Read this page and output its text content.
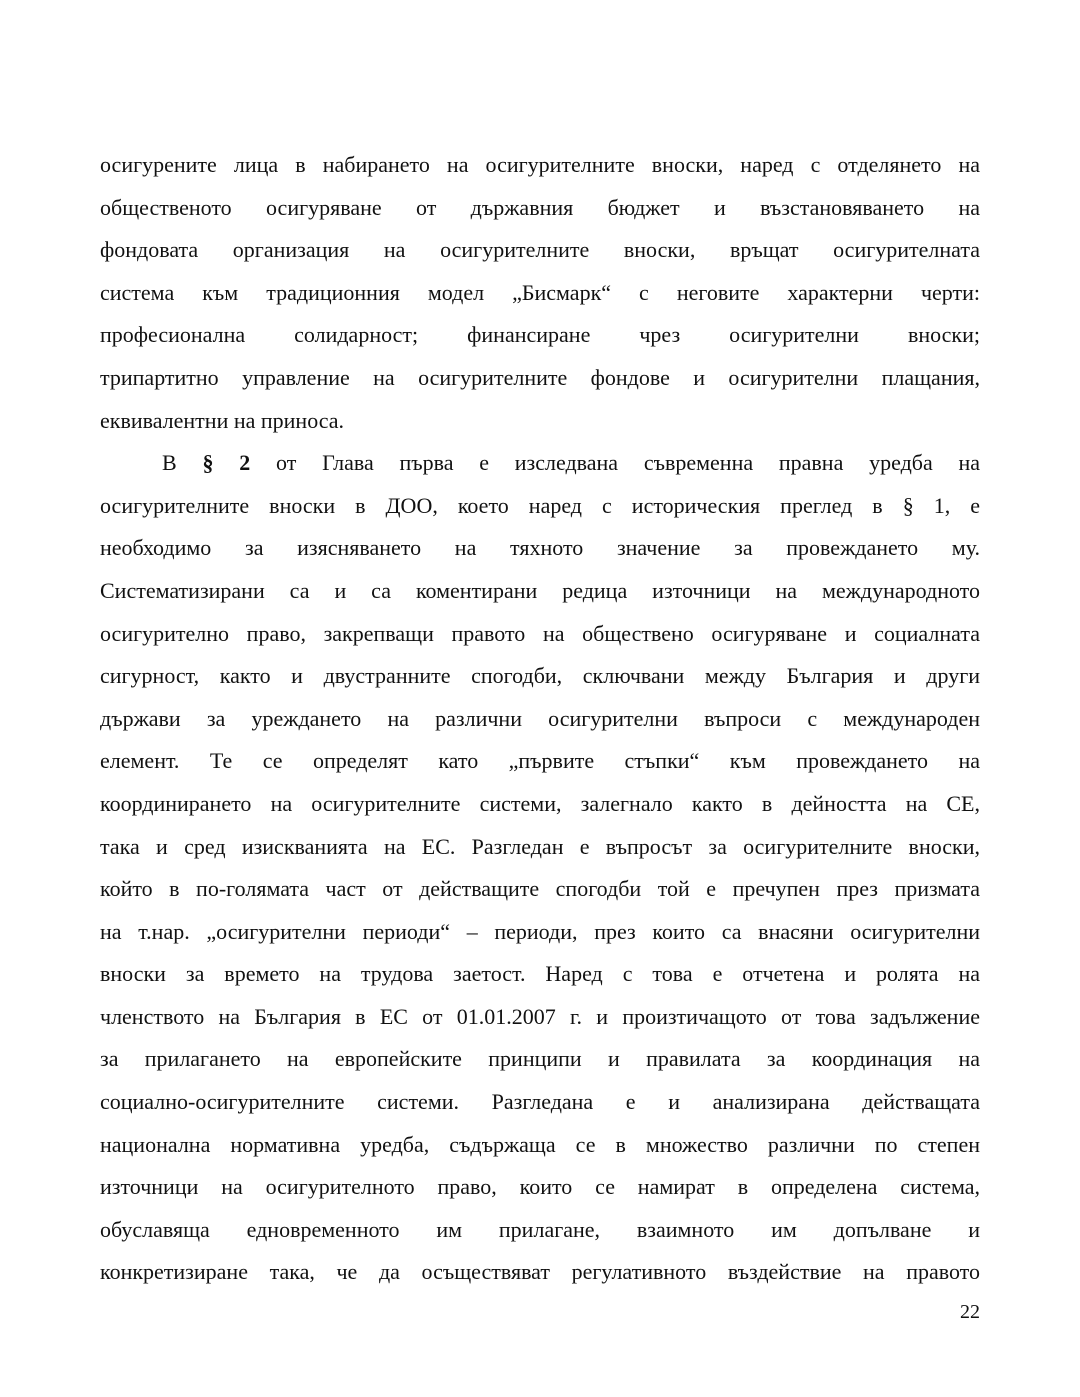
осигурените лица в набирането на осигурителните вноски, наред с отделянето на
общественото осигуряване от държавния бюджет и възстановяването на
фондовата организация на осигурителните вноски, връщат осигурителната
система към традиционния модел „Бисмарк“ с неговите характерни черти:
професионална солидарност; финансиране чрез осигурителни вноски;
трипартитно управление на осигурителните фондове и осигурителни плащания,
еквивалентни на приноса.
В § 2 от Глава първа е изследвана съвременна правна уредба на
осигурителните вноски в ДОО, което наред с историческия преглед в § 1, е
необходимо за изясняването на тяхното значение за провеждането му.
Систематизирани са и са коментирани редица източници на международното
осигурително право, закрепващи правото на обществено осигуряване и социалната
сигурност, както и двустранните спогодби, сключвани между България и други
държави за уреждането на различни осигурителни въпроси с международен
елемент. Те се определят като „първите стъпки“ към провеждането на
координирането на осигурителните системи, залегнало както в дейността на СЕ,
така и сред изискванията на ЕС. Разгледан е въпросът за осигурителните вноски,
който в по-голямата част от действащите спогодби той е пречупен през призмата
на т.нар. „осигурителни периоди“ – периоди, през които са внасяни осигурителни
вноски за времето на трудова заетост. Наред с това е отчетена и ролята на
членството на България в ЕС от 01.01.2007 г. и произтичащото от това задължение
за прилагането на европейските принципи и правилата за координация на
социално-осигурителните системи. Разгледана е и анализирана действащата
национална нормативна уредба, съдържаща се в множество различни по степен
източници на осигурителното право, които се намират в определена система,
обуславяща едновременното им прилагане, взаимното им допълване и
конкретизиране така, че да осъществяват регулативното въздействие на правото
22
